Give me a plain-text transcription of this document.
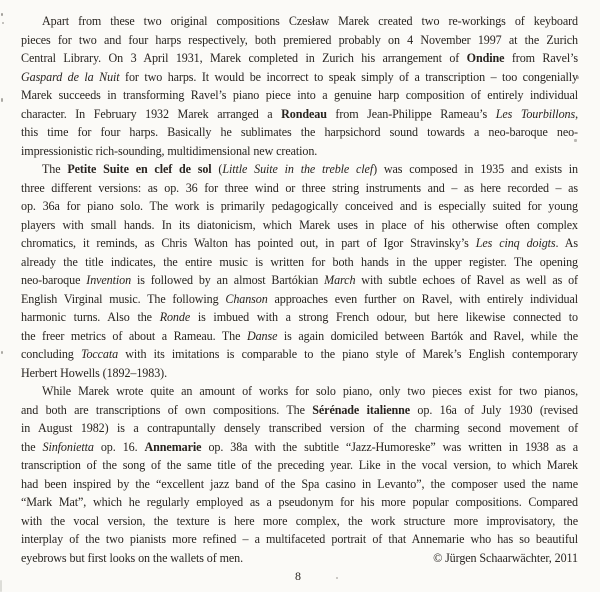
Apart from these two original compositions Czesław Marek created two re-workings of keyboard
pieces for two and four harps respectively, both premiered probably on 4 November 1997 at the Zurich
Central Library. On 3 April 1931, Marek completed in Zurich his arrangement of Ondine from Ravel’s
Gaspard de la Nuit for two harps. It would be incorrect to speak simply of a transcription – too congenially
Marek succeeds in transforming Ravel’s piano piece into a genuine harp composition of entirely individual
character. In February 1932 Marek arranged a Rondeau from Jean-Philippe Rameau’s Les Tourbillons,
this time for four harps. Basically he sublimates the harpsichord sound towards a neo-baroque neo-
impressionistic rich-sounding, multidimensional new creation.
The Petite Suite en clef de sol (Little Suite in the treble clef) was composed in 1935 and exists in
three different versions: as op. 36 for three wind or three string instruments and – as here recorded – as
op. 36a for piano solo. The work is primarily pedagogically conceived and is especially suited for young
players with small hands. In its diatonicism, which Marek uses in place of his otherwise often complex
chromatics, it reminds, as Chris Walton has pointed out, in part of Igor Stravinsky’s Les cinq doigts. As
already the title indicates, the entire music is written for both hands in the upper register. The opening
neo-baroque Invention is followed by an almost Bartókian March with subtle echoes of Ravel as well as of
English Virginal music. The following Chanson approaches even further on Ravel, with entirely individual
harmonic turns. Also the Ronde is imbued with a strong French odour, but here likewise connected to
the freer metrics of about a Rameau. The Danse is again domiciled between Bartók and Ravel, while the
concluding Toccata with its imitations is comparable to the piano style of Marek’s English contemporary
Herbert Howells (1892–1983).
While Marek wrote quite an amount of works for solo piano, only two pieces exist for two pianos,
and both are transcriptions of own compositions. The Sérénade italienne op. 16a of July 1930 (revised
in August 1982) is a contrapuntally densely transcribed version of the charming second movement of
the Sinfonietta op. 16. Annemarie op. 38a with the subtitle “Jazz-Humoreske” was written in 1938 as a
transcription of the song of the same title of the preceding year. Like in the vocal version, to which Marek
had been inspired by the “excellent jazz band of the Spa casino in Levanto”, the composer used the name
“Mark Mat”, which he regularly employed as a pseudonym for his more popular compositions. Compared
with the vocal version, the texture is here more complex, the work structure more improvisatory, the
interplay of the two pianists more refined – a multifaceted portrait of that Annemarie who has so beautiful
eyebrows but first looks on the wallets of men.	© Jürgen Schaarwächter, 2011
8
